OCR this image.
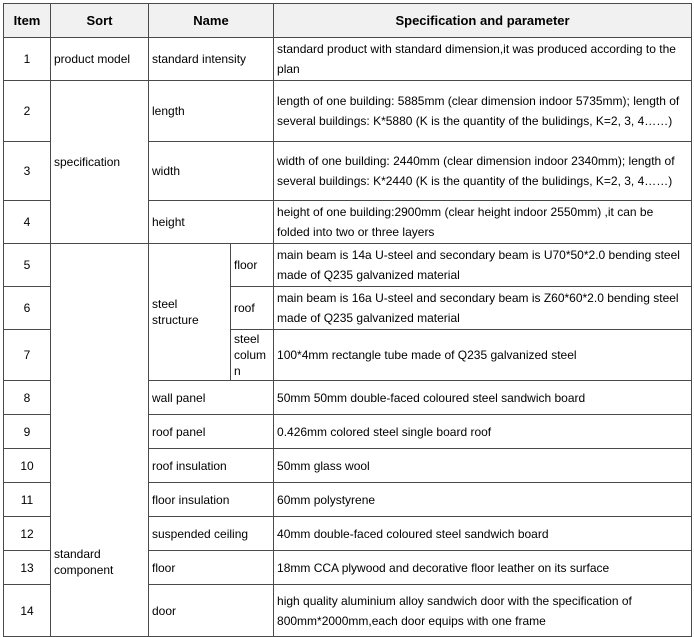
Item	Sort	Name		Specification and parameter
1	product model	standard intensity		standard product with standard dimension,it was produced according to the plan
2	specification	length		length of one building: 5885mm (clear dimension indoor 5735mm); length of several buildings: K*5880 (K is the quantity of the bulidings, K=2, 3, 4……)
3		width		width of one building: 2440mm (clear dimension indoor 2340mm); length of several buildings: K*2440 (K is the quantity of the bulidings, K=2, 3, 4……)
4		height		height of one building:2900mm (clear height indoor 2550mm) ,it can be folded into two or three layers
5	standard component	steel structure	floor	main beam is 14a U-steel and secondary beam is U70*50*2.0 bending steel made of Q235 galvanized material
6			roof	main beam is 16a U-steel and secondary beam is Z60*60*2.0 bending steel made of Q235 galvanized material
7			steel column	100*4mm rectangle tube made of Q235 galvanized steel
8		wall panel		50mm 50mm double-faced coloured steel sandwich board
9		roof panel		0.426mm colored steel single board roof
10		roof insulation		50mm glass wool
11		floor insulation		60mm polystyrene
12		suspended ceiling		40mm double-faced coloured steel sandwich board
13		floor		18mm CCA plywood and decorative floor leather on its surface
14		door		high quality aluminium alloy sandwich door with the specification of 800mm*2000mm,each door equips with one frame
